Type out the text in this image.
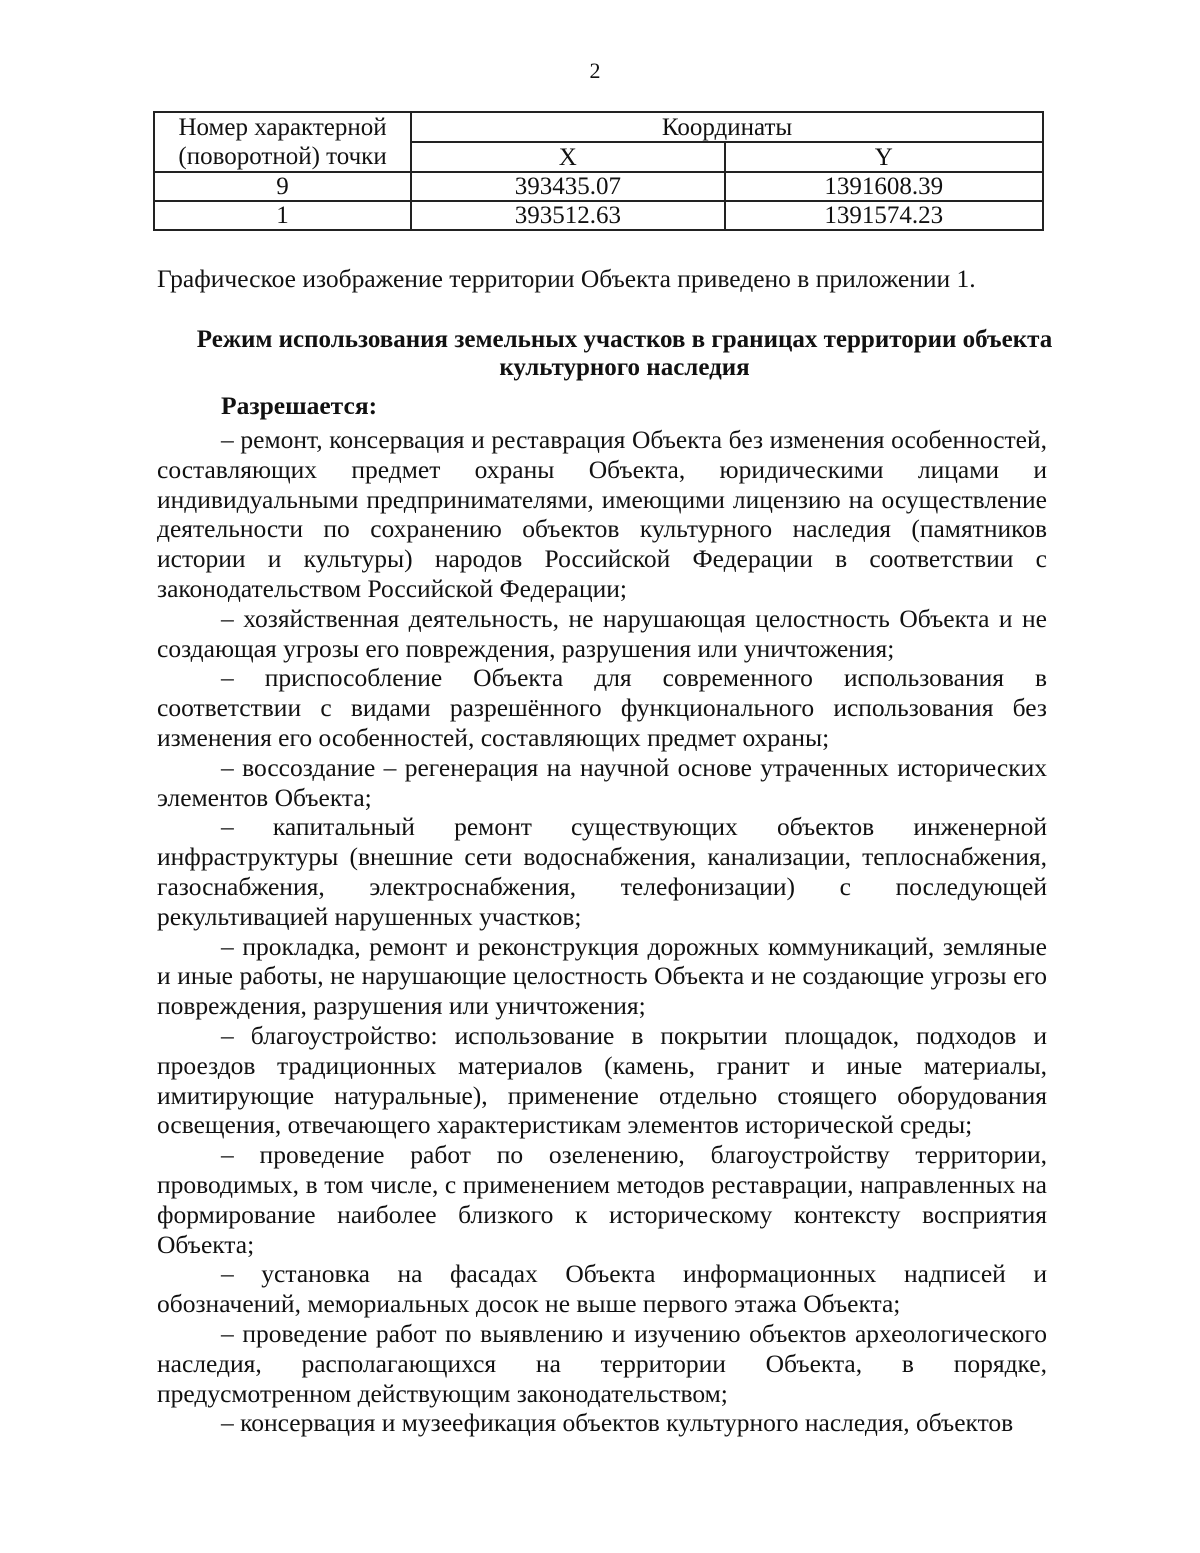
2
Номер характерной (поворотной) точки	Координаты	
	X	Y
9	393435.07	1391608.39
1	393512.63	1391574.23
Графическое изображение территории Объекта приведено в приложении 1.
Режим использования земельных участков в границах территории объекта культурного наследия
Разрешается:

– ремонт, консервация и реставрация Объекта без изменения особенностей, составляющих предмет охраны Объекта, юридическими лицами и индивидуальными предпринимателями, имеющими лицензию на осуществление деятельности по сохранению объектов культурного наследия (памятников истории и культуры) народов Российской Федерации в соответствии с законодательством Российской Федерации;

– хозяйственная деятельность, не нарушающая целостность Объекта и не создающая угрозы его повреждения, разрушения или уничтожения;

– приспособление Объекта для современного использования в соответствии с видами разрешённого функционального использования без изменения его особенностей, составляющих предмет охраны;

– воссоздание – регенерация на научной основе утраченных исторических элементов Объекта;

– капитальный ремонт существующих объектов инженерной инфраструктуры (внешние сети водоснабжения, канализации, теплоснабжения, газоснабжения, электроснабжения, телефонизации) с последующей рекультивацией нарушенных участков;

– прокладка, ремонт и реконструкция дорожных коммуникаций, земляные и иные работы, не нарушающие целостность Объекта и не создающие угрозы его повреждения, разрушения или уничтожения;

– благоустройство: использование в покрытии площадок, подходов и проездов традиционных материалов (камень, гранит и иные материалы, имитирующие натуральные), применение отдельно стоящего оборудования освещения, отвечающего характеристикам элементов исторической среды;

– проведение работ по озеленению, благоустройству территории, проводимых, в том числе, с применением методов реставрации, направленных на формирование наиболее близкого к историческому контексту восприятия Объекта;

– установка на фасадах Объекта информационных надписей и обозначений, мемориальных досок не выше первого этажа Объекта;

– проведение работ по выявлению и изучению объектов археологического наследия, располагающихся на территории Объекта, в порядке, предусмотренном действующим законодательством;

– консервация и музеефикация объектов культурного наследия, объектов
